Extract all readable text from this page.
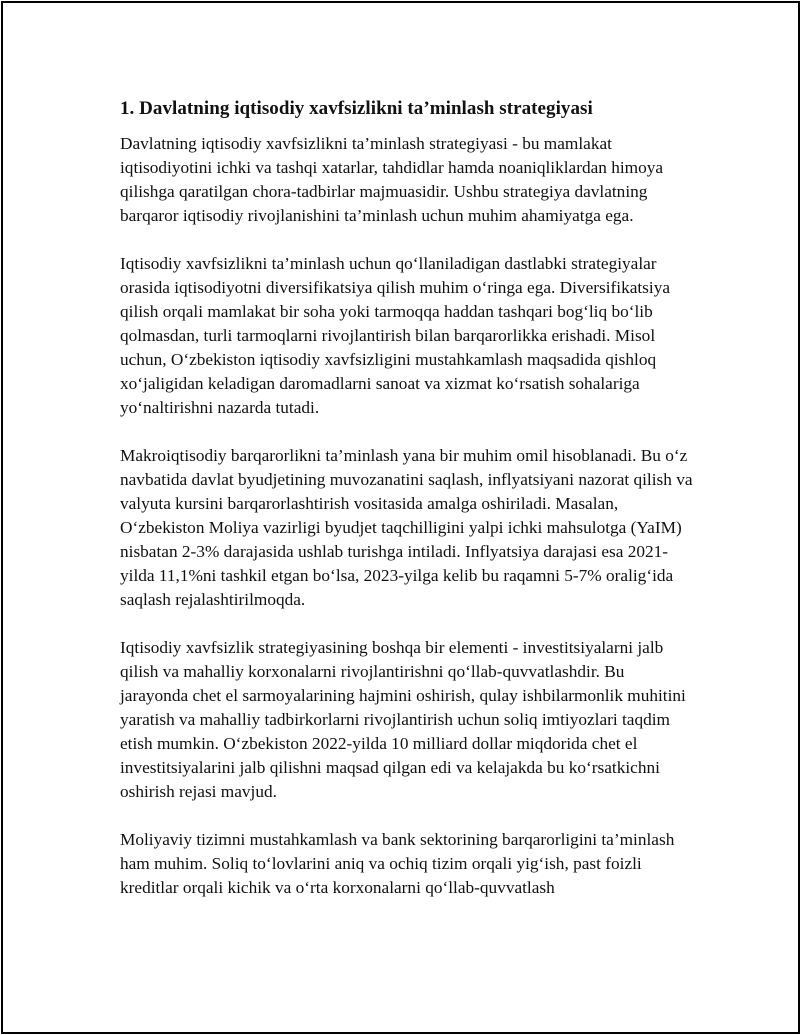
1. Davlatning iqtisodiy xavfsizlikni ta’minlash strategiyasi

Davlatning iqtisodiy xavfsizlikni ta’minlash strategiyasi - bu mamlakat iqtisodiyotini ichki va tashqi xatarlar, tahdidlar hamda noaniqliklardan himoya qilishga qaratilgan chora-tadbirlar majmuasidir. Ushbu strategiya davlatning barqaror iqtisodiy rivojlanishini ta’minlash uchun muhim ahamiyatga ega.

Iqtisodiy xavfsizlikni ta’minlash uchun qo‘llaniladigan dastlabki strategiyalar orasida iqtisodiyotni diversifikatsiya qilish muhim o‘ringa ega. Diversifikatsiya qilish orqali mamlakat bir soha yoki tarmoqqa haddan tashqari bog‘liq bo‘lib qolmasdan, turli tarmoqlarni rivojlantirish bilan barqarorlikka erishadi. Misol uchun, O‘zbekiston iqtisodiy xavfsizligini mustahkamlash maqsadida qishloq xo‘jaligidan keladigan daromadlarni sanoat va xizmat ko‘rsatish sohalariga yo‘naltirishni nazarda tutadi.

Makroiqtisodiy barqarorlikni ta’minlash yana bir muhim omil hisoblanadi. Bu o‘z navbatida davlat byudjetining muvozanatini saqlash, inflyatsiyani nazorat qilish va valyuta kursini barqarorlashtirish vositasida amalga oshiriladi. Masalan, O‘zbekiston Moliya vazirligi byudjet taqchilligini yalpi ichki mahsulotga (YaIM) nisbatan 2-3% darajasida ushlab turishga intiladi. Inflyatsiya darajasi esa 2021-yilda 11,1%ni tashkil etgan bo‘lsa, 2023-yilga kelib bu raqamni 5-7% oralig‘ida saqlash rejalashtirilmoqda.

Iqtisodiy xavfsizlik strategiyasining boshqa bir elementi - investitsiyalarni jalb qilish va mahalliy korxonalarni rivojlantirishni qo‘llab-quvvatlashdir. Bu jarayonda chet el sarmoyalarining hajmini oshirish, qulay ishbilarmonlik muhitini yaratish va mahalliy tadbirkorlarni rivojlantirish uchun soliq imtiyozlari taqdim etish mumkin. O‘zbekiston 2022-yilda 10 milliard dollar miqdorida chet el investitsiyalarini jalb qilishni maqsad qilgan edi va kelajakda bu ko‘rsatkichni oshirish rejasi mavjud.

Moliyaviy tizimni mustahkamlash va bank sektorining barqarorligini ta’minlash ham muhim. Soliq to‘lovlarini aniq va ochiq tizim orqali yig‘ish, past foizli kreditlar orqali kichik va o‘rta korxonalarni qo‘llab-quvvatlash
